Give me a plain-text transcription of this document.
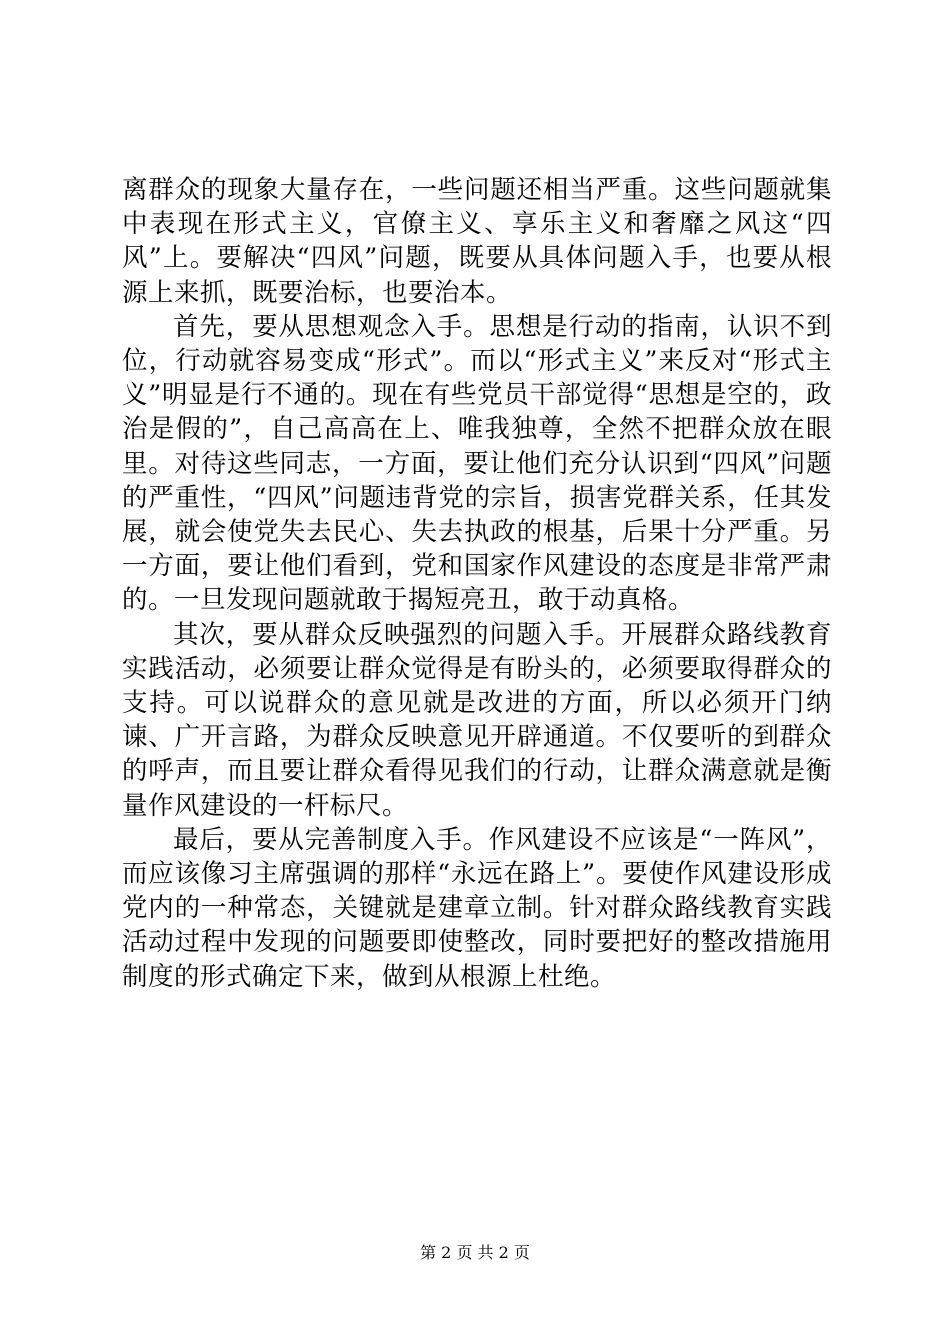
离群众的现象大量存在，一些问题还相当严重。这些问题就集中表现在形式主义，官僚主义、享乐主义和奢靡之风这“四风”上。要解决“四风”问题，既要从具体问题入手，也要从根源上来抓，既要治标，也要治本。

首先，要从思想观念入手。思想是行动的指南，认识不到位，行动就容易变成“形式”。而以“形式主义”来反对“形式主义”明显是行不通的。现在有些党员干部觉得“思想是空的，政治是假的”，自己高高在上、唯我独尊，全然不把群众放在眼里。对待这些同志，一方面，要让他们充分认识到“四风”问题的严重性，“四风”问题违背党的宗旨，损害党群关系，任其发展，就会使党失去民心、失去执政的根基，后果十分严重。另一方面，要让他们看到，党和国家作风建设的态度是非常严肃的。一旦发现问题就敢于揭短亮丑，敢于动真格。

其次，要从群众反映强烈的问题入手。开展群众路线教育实践活动，必须要让群众觉得是有盼头的，必须要取得群众的支持。可以说群众的意见就是改进的方面，所以必须开门纳谏、广开言路，为群众反映意见开辟通道。不仅要听的到群众的呼声，而且要让群众看得见我们的行动，让群众满意就是衡量作风建设的一杆标尺。

最后，要从完善制度入手。作风建设不应该是“一阵风”，而应该像习主席强调的那样“永远在路上”。要使作风建设形成党内的一种常态，关键就是建章立制。针对群众路线教育实践活动过程中发现的问题要即使整改，同时要把好的整改措施用制度的形式确定下来，做到从根源上杜绝。

第 2 页 共 2 页
